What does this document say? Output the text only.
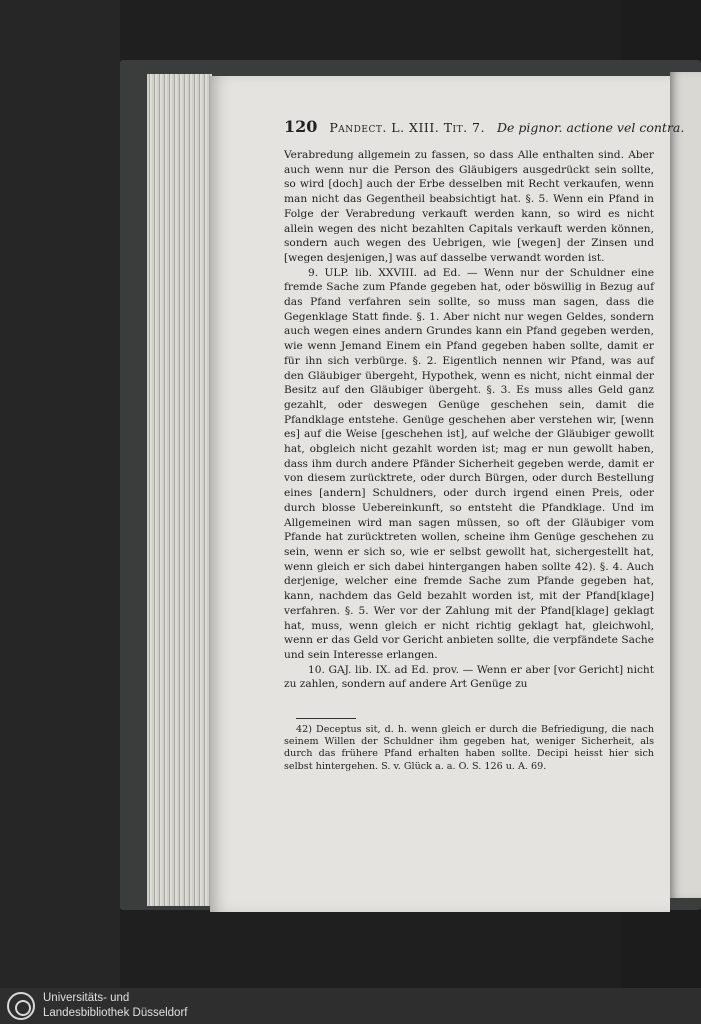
120 Pandect. L. XIII. Tit. 7. De pignor. actione vel contra.

Verabredung allgemein zu fassen, so dass Alle enthalten sind. Aber auch wenn nur die Person des Gläubigers ausgedrückt sein sollte, so wird [doch] auch der Erbe desselben mit Recht verkaufen, wenn man nicht das Gegentheil beabsichtigt hat. §. 5. Wenn ein Pfand in Folge der Verabredung verkauft werden kann, so wird es nicht allein wegen des nicht bezahlten Capitals verkauft werden können, sondern auch wegen des Uebrigen, wie [wegen] der Zinsen und [wegen desjenigen,] was auf dasselbe verwandt worden ist.

9. ULP. lib. XXVIII. ad Ed. — Wenn nur der Schuldner eine fremde Sache zum Pfande gegeben hat, oder böswillig in Bezug auf das Pfand verfahren sein sollte, so muss man sagen, dass die Gegenklage Statt finde. §. 1. Aber nicht nur wegen Geldes, sondern auch wegen eines andern Grundes kann ein Pfand gegeben werden, wie wenn Jemand Einem ein Pfand gegeben haben sollte, damit er für ihn sich verbürge. §. 2. Eigentlich nennen wir Pfand, was auf den Gläubiger übergeht, Hypothek, wenn es nicht, nicht einmal der Besitz auf den Gläubiger übergeht. §. 3. Es muss alles Geld ganz gezahlt, oder deswegen Genüge geschehen sein, damit die Pfandklage entstehe. Genüge geschehen aber verstehen wir, [wenn es] auf die Weise [geschehen ist], auf welche der Gläubiger gewollt hat, obgleich nicht gezahlt worden ist; mag er nun gewollt haben, dass ihm durch andere Pfänder Sicherheit gegeben werde, damit er von diesem zurücktrete, oder durch Bürgen, oder durch Bestellung eines [andern] Schuldners, oder durch irgend einen Preis, oder durch blosse Uebereinkunft, so entsteht die Pfandklage. Und im Allgemeinen wird man sagen müssen, so oft der Gläubiger vom Pfande hat zurücktreten wollen, scheine ihm Genüge geschehen zu sein, wenn er sich so, wie er selbst gewollt hat, sichergestellt hat, wenn gleich er sich dabei hintergangen haben sollte 42). §. 4. Auch derjenige, welcher eine fremde Sache zum Pfande gegeben hat, kann, nachdem das Geld bezahlt worden ist, mit der Pfand[klage] verfahren. §. 5. Wer vor der Zahlung mit der Pfand[klage] geklagt hat, muss, wenn gleich er nicht richtig geklagt hat, gleichwohl, wenn er das Geld vor Gericht anbieten sollte, die verpfändete Sache und sein Interesse erlangen.

10. GAJ. lib. IX. ad Ed. prov. — Wenn er aber [vor Gericht] nicht zu zahlen, sondern auf andere Art Genüge zu

42) Deceptus sit, d. h. wenn gleich er durch die Befriedigung, die nach seinem Willen der Schuldner ihm gegeben hat, weniger Sicherheit, als durch das frühere Pfand erhalten haben sollte. Decipi heisst hier sich selbst hintergehen. S. v. Glück a. a. O. S. 126 u. A. 69.

Universitäts- und
Landesbibliothek Düsseldorf
